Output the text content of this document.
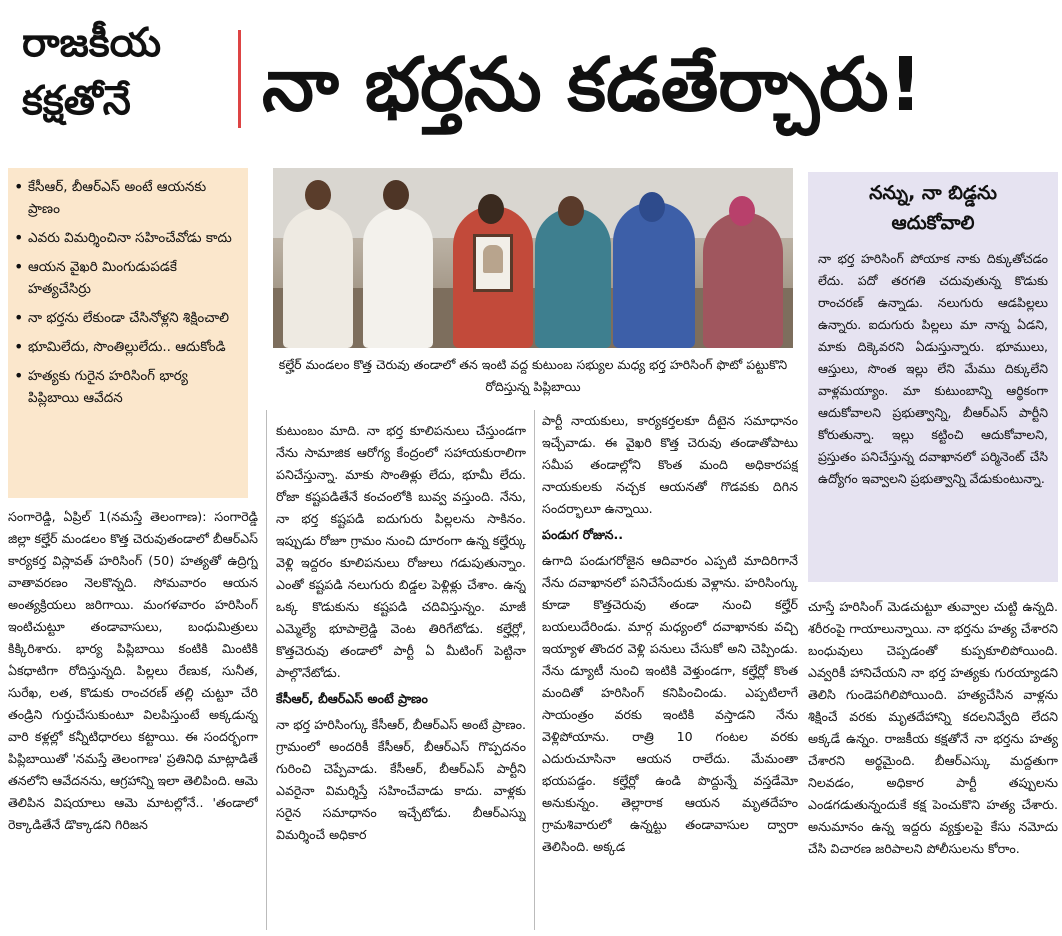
రాజకీయ
కక్షతోనే	నా భర్తను కడతేర్చారు!
• కేసీఆర్, బీఆర్ఎస్ అంటే ఆయనకు ప్రాణం
• ఎవరు విమర్శించినా సహించేవోడు కాదు
• ఆయన వైఖరి మింగుడుపడకే హత్యచేసిర్రు
• నా భర్తను లేకుండా చేసినోళ్లని శిక్షించాలి
• భూమిలేదు, సొంతిల్లులేదు.. ఆదుకోండి
• హత్యకు గురైన హరిసింగ్ భార్య పిప్లిబాయి ఆవేదన
కల్హేర్ మండలం కొత్త చెరువు తండాలో తన ఇంటి వద్ద కుటుంబ సభ్యుల మధ్య భర్త హరిసింగ్ ఫొటో పట్టుకొని రోదిస్తున్న పిప్లిబాయి
నన్ను, నా బిడ్డను
ఆదుకోవాలి
నా భర్త హరిసింగ్ పోయాక నాకు దిక్కుతోచడం లేదు. పదో తరగతి చదువుతున్న కొడుకు రాంచరణ్ ఉన్నాడు. నలుగురు ఆడపిల్లలు ఉన్నారు. ఐదుగురు పిల్లలు మా నాన్న ఏడని, మాకు దిక్కెవరని ఏడుస్తున్నారు. భూములు, ఆస్తులు, సొంత ఇల్లు లేని మేము దిక్కులేని వాళ్లమయ్యాం. మా కుటుంబాన్ని ఆర్థికంగా ఆదుకోవాలని ప్రభుత్వాన్ని, బీఆర్ఎస్ పార్టీని కోరుతున్నా. ఇల్లు కట్టించి ఆదుకోవాలని, ప్రస్తుతం పనిచేస్తున్న దవాఖానలో పర్మినెంట్ చేసి ఉద్యోగం ఇవ్వాలని ప్రభుత్వాన్ని వేడుకుంటున్నా.

సంగారెడ్డి, ఏప్రిల్ 1(నమస్తే తెలంగాణ): సంగారెడ్డి జిల్లా కల్హేర్ మండలం కొత్త చెరువుతండాలో బీఆర్ఎస్ కార్యకర్త విస్లావత్ హరిసింగ్ (50) హత్యతో ఉద్రిగ్న వాతావరణం నెలకొన్నది. సోమవారం ఆయన అంత్యక్రియలు జరిగాయి. మంగళవారం హరిసింగ్ ఇంటిచుట్టూ తండావాసులు, బంధుమిత్రులు కిక్కిరిశారు. భార్య పిప్లిబాయి కంటికి మింటికి ఏకధాటిగా రోదిస్తున్నది. పిల్లలు రేణుక, సునీత, సురేఖ, లత, కొడుకు రాంచరణ్ తల్లి చుట్టూ చేరి తండ్రిని గుర్తుచేసుకుంటూ విలపిస్తుంటే అక్కడున్న వారి కళ్లల్లో కన్నీటిధారలు కట్టాయి. ఈ సందర్భంగా పిప్లిబాయితో 'నమస్తే తెలంగాణ' ప్రతినిధి మాట్లాడితే తనలోని ఆవేదనను, ఆగ్రహాన్ని ఇలా తెలిపింది. ఆమె తెలిపిన విషయాలు ఆమె మాటల్లోనే.. 'తండాలో రెక్కాడితేనే డొక్కాడని గిరిజన

కుటుంబం మాది. నా భర్త కూలిపనులు చేస్తుండగా నేను సామాజిక ఆరోగ్య కేంద్రంలో సహాయకురాలిగా పనిచేస్తున్నా. మాకు సొంతిళ్లు లేదు, భూమీ లేదు. రోజా కష్టపడితేనే కంచంలోకి బువ్వ వస్తుంది. నేను, నా భర్త కష్టపడి ఐదుగురు పిల్లలను సాకినం. ఇప్పుడు రోజూ గ్రామం నుంచి దూరంగా ఉన్న కల్హేర్కు వెళ్లి ఇద్దరం కూలిపనులు రోజులు గడుపుతున్నాం. ఎంతో కష్టపడి నలుగురు బిడ్డల పెళ్లిళ్లు చేశాం. ఉన్న ఒక్క కొడుకును కష్టపడి చదివిస్తున్నం. మాజీ ఎమ్మెల్యే భూపాల్రెడ్డి వెంట తిరిగేటోడు. కల్హేర్లో, కొత్తచెరువు తండాలో పార్టీ ఏ మీటింగ్ పెట్టినా పాల్గొనేటోడు.

కేసీఆర్, బీఆర్ఎస్ అంటే ప్రాణం

నా భర్త హరిసింగ్కు కేసీఆర్, బీఆర్ఎస్ అంటే ప్రాణం. గ్రామంలో అందరికీ కేసీఆర్, బీఆర్ఎస్ గొప్పదనం గురించి చెప్పేవాడు. కేసీఆర్, బీఆర్ఎస్ పార్టీని ఎవరైనా విమర్శిస్తే సహించేవాడు కాదు. వాళ్లకు సరైన సమాధానం ఇచ్చేటోడు. బీఆర్ఎస్ను విమర్శించే అధికార

పార్టీ నాయకులు, కార్యకర్తలకూ దీటైన సమాధానం ఇచ్చేవాడు. ఈ వైఖరి కొత్త చెరువు తండాతోపాటు సమీప తండాల్లోని కొంత మంది అధికారపక్ష నాయకులకు నచ్చక ఆయనతో గొడవకు దిగిన సందర్భాలూ ఉన్నాయి.

పండుగ రోజున..

ఉగాది పండుగరోజైన ఆదివారం ఎప్పటి మాదిరిగానే నేను దవాఖానలో పనిచేసేందుకు వెళ్లాను. హరిసింగ్కు కూడా కొత్తచెరువు తండా నుంచి కల్హేర్ బయలుదేరిండు. మార్గ మధ్యంలో దవాఖానకు వచ్చి ఇయ్యాళ తొందర వెళ్లి పనులు చేసుకో అని చెప్పిండు. నేను డ్యూటీ నుంచి ఇంటికి వెళ్తుండగా, కల్హేర్లో కొంత మందితో హరిసింగ్ కనిపించిండు. ఎప్పటిలాగే సాయంత్రం వరకు ఇంటికి వస్తాడని నేను వెళ్లిపోయాను. రాత్రి 10 గంటల వరకు ఎదురుచూసినా ఆయన రాలేదు. మేమంతా భయపడ్డం. కల్హేర్లో ఉండి పొద్దున్నే వస్తడేమో అనుకున్నం. తెల్లారాక ఆయన మృతదేహం గ్రామశివారులో ఉన్నట్టు తండావాసుల ద్వారా తెలిసింది. అక్కడ

చూస్తే హరిసింగ్ మెడచుట్టూ తువ్వాల చుట్టి ఉన్నది. శరీరంపై గాయాలున్నాయి. నా భర్తను హత్య చేశారని బంధువులు చెప్పడంతో కుప్పకూలిపోయింది. ఎవ్వరికీ హానిచేయని నా భర్త హత్యకు గురయ్యాడని తెలిసి గుండెపగిలిపోయింది. హత్యచేసిన వాళ్లను శిక్షించే వరకు మృతదేహాన్ని కదలనివ్వేది లేదని అక్కడే ఉన్నం. రాజకీయ కక్షతోనే నా భర్తను హత్య చేశారని అర్థమైంది. బీఆర్ఎస్కు మద్దతుగా నిలవడం, అధికార పార్టీ తప్పులను ఎండగడుతున్నందుకే కక్ష పెంచుకొని హత్య చేశారు. అనుమానం ఉన్న ఇద్దరు వ్యక్తులపై కేసు నమోదు చేసి విచారణ జరిపాలని పోలీసులను కోరాం.
